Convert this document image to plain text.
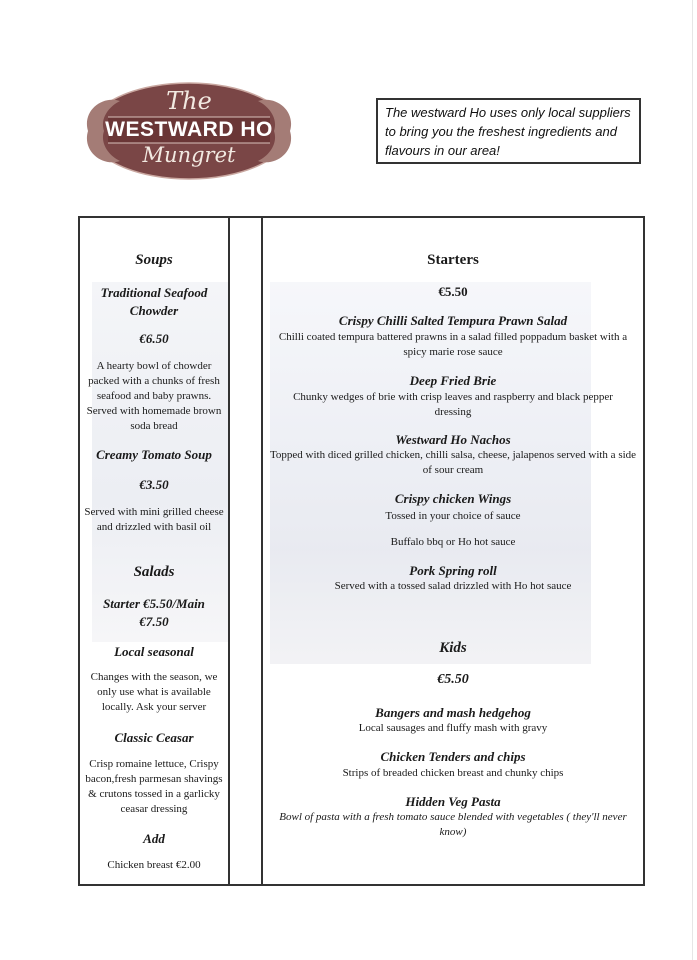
The
WESTWARD HO
Mungret
The westward Ho uses only local suppliers to bring you the freshest ingredients and flavours in our area!
Soups
Traditional Seafood Chowder
€6.50
A hearty bowl of chowder packed with a chunks of fresh seafood and baby prawns. Served with homemade brown soda bread
Creamy Tomato Soup
€3.50
Served with mini grilled cheese and drizzled with basil oil
Salads
Starter €5.50/Main €7.50
Local seasonal
Changes with the season, we only use what is available locally. Ask your server
Classic Ceasar
Crisp romaine lettuce, Crispy bacon,fresh parmesan shavings & crutons tossed in a garlicky ceasar dressing
Add
Chicken breast €2.00
Starters
€5.50
Crispy Chilli Salted Tempura Prawn Salad
Chilli coated tempura battered prawns in a salad filled poppadum basket with a spicy marie rose sauce
Deep Fried Brie
Chunky wedges of brie with crisp leaves and raspberry and black pepper dressing
Westward Ho Nachos
Topped with diced grilled chicken, chilli salsa, cheese, jalapenos served with a side of sour cream
Crispy chicken Wings
Tossed in your choice of sauce
Buffalo bbq or Ho hot sauce
Pork Spring roll
Served with a tossed salad drizzled with Ho hot sauce
Kids
€5.50
Bangers and mash hedgehog
Local sausages and fluffy mash with gravy
Chicken Tenders and chips
Strips of breaded chicken breast and chunky chips
Hidden Veg Pasta
Bowl of pasta with a fresh tomato sauce blended with vegetables ( they'll never know)
